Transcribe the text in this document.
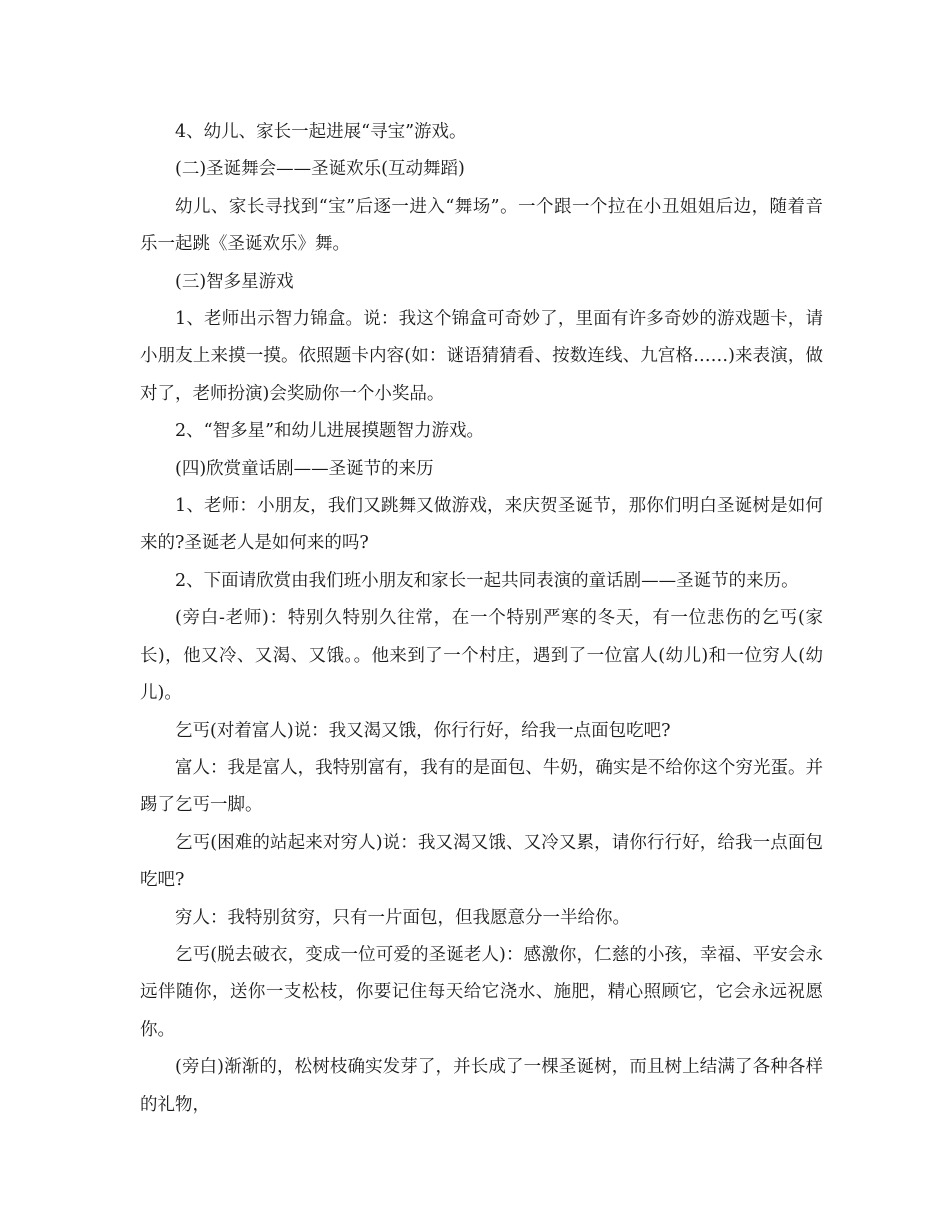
4、幼儿、家长一起进展“寻宝”游戏。

(二)圣诞舞会——圣诞欢乐(互动舞蹈)

幼儿、家长寻找到“宝”后逐一进入“舞场”。一个跟一个拉在小丑姐姐后边，随着音乐一起跳《圣诞欢乐》舞。

(三)智多星游戏

1、老师出示智力锦盒。说：我这个锦盒可奇妙了，里面有许多奇妙的游戏题卡，请小朋友上来摸一摸。依照题卡内容(如：谜语猜猜看、按数连线、九宫格……)来表演，做对了，老师扮演)会奖励你一个小奖品。

2、“智多星”和幼儿进展摸题智力游戏。

(四)欣赏童话剧——圣诞节的来历

1、老师：小朋友，我们又跳舞又做游戏，来庆贺圣诞节，那你们明白圣诞树是如何来的?圣诞老人是如何来的吗?

2、下面请欣赏由我们班小朋友和家长一起共同表演的童话剧——圣诞节的来历。

(旁白-老师)：特别久特别久往常，在一个特别严寒的冬天，有一位悲伤的乞丐(家长)，他又冷、又渴、又饿。。他来到了一个村庄，遇到了一位富人(幼儿)和一位穷人(幼儿)。

乞丐(对着富人)说：我又渴又饿，你行行好，给我一点面包吃吧?

富人：我是富人，我特别富有，我有的是面包、牛奶，确实是不给你这个穷光蛋。并踢了乞丐一脚。

乞丐(困难的站起来对穷人)说：我又渴又饿、又冷又累，请你行行好，给我一点面包吃吧?

穷人：我特别贫穷，只有一片面包，但我愿意分一半给你。

乞丐(脱去破衣，变成一位可爱的圣诞老人)：感激你，仁慈的小孩，幸福、平安会永远伴随你，送你一支松枝，你要记住每天给它浇水、施肥，精心照顾它，它会永远祝愿你。

(旁白)渐渐的，松树枝确实发芽了，并长成了一棵圣诞树，而且树上结满了各种各样的礼物，
